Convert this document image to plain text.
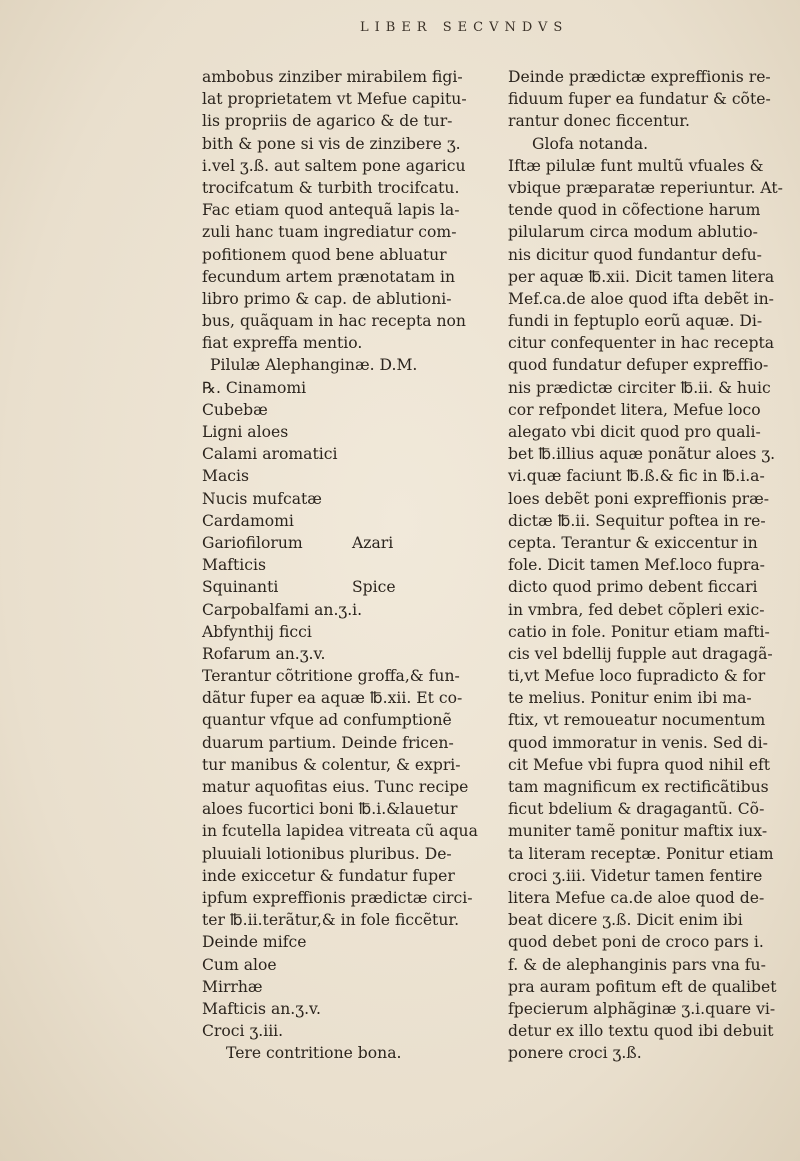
LIBER SECVNDVS
ambobus zinziber mirabilem figi-
lat proprietatem vt Mefue capitu-
lis propriis de agarico & de tur-
bith & pone si vis de zinzibere ʒ.
i.vel ʒ.ß. aut saltem pone agaricu
trocifcatum & turbith trocifcatu.
Fac etiam quod antequã lapis la-
zuli hanc tuam ingrediatur com-
pofitionem quod bene abluatur
fecundum artem prænotatam in
libro primo & cap. de ablutioni-
bus, quãquam in hac recepta non
fiat expreffa mentio.
Pilulæ Alephanginæ. D.M.
℞. Cinamomi
Cubebæ
Ligni aloes
Calami aromatici
Macis
Nucis mufcatæ
Cardamomi
Gariofilorum	Azari
Mafticis
Squinanti	Spice
Carpobalfami an.ʒ.i.
Abfynthij ficci
Rofarum an.ʒ.v.
Terantur cõtritione groffa,& fun-
dãtur fuper ea aquæ ℔.xii. Et co-
quantur vfque ad confumptionẽ
duarum partium. Deinde fricen-
tur manibus & colentur, & expri-
matur aquofitas eius. Tunc recipe
aloes fucortici boni ℔.i.&lauetur
in fcutella lapidea vitreata cũ aqua
pluuiali lotionibus pluribus. De-
inde exiccetur & fundatur fuper
ipfum expreffionis prædictæ circi-
ter ℔.ii.terãtur,& in fole ficcẽtur.
Deinde mifce
Cum aloe
Mirrhæ
Mafticis an.ʒ.v.
Croci ʒ.iii.
Tere contritione bona.
Deinde prædictæ expreffionis re-
fiduum fuper ea fundatur & cõte-
rantur donec ficcentur.
Glofa notanda.
Iftæ pilulæ funt multũ vfuales &
vbique præparatæ reperiuntur. At-
tende quod in cõfectione harum
pilularum circa modum ablutio-
nis dicitur quod fundantur defu-
per aquæ ℔.xii. Dicit tamen litera
Mef.ca.de aloe quod ifta debẽt in-
fundi in feptuplo eorũ aquæ. Di-
citur confequenter in hac recepta
quod fundatur defuper expreffio-
nis prædictæ circiter ℔.ii. & huic
cor refpondet litera, Mefue loco
alegato vbi dicit quod pro quali-
bet ℔.illius aquæ ponãtur aloes ʒ.
vi.quæ faciunt ℔.ß.& fic in ℔.i.a-
loes debẽt poni expreffionis præ-
dictæ ℔.ii. Sequitur poftea in re-
cepta. Terantur & exiccentur in
fole. Dicit tamen Mef.loco fupra-
dicto quod primo debent ficcari
in vmbra, fed debet cõpleri exic-
catio in fole. Ponitur etiam mafti-
cis vel bdellij fupple aut dragagã-
ti,vt Mefue loco fupradicto & for
te melius. Ponitur enim ibi ma-
ftix, vt remoueatur nocumentum
quod immoratur in venis. Sed di-
cit Mefue vbi fupra quod nihil eft
tam magnificum ex rectificãtibus
ficut bdelium & dragagantũ. Cõ-
muniter tamẽ ponitur maftix iux-
ta literam receptæ. Ponitur etiam
croci ʒ.iii. Videtur tamen fentire
litera Mefue ca.de aloe quod de-
beat dicere ʒ.ß. Dicit enim ibi
quod debet poni de croco pars i.
f. & de alephanginis pars vna fu-
pra auram pofitum eft de qualibet
fpecierum alphãginæ ʒ.i.quare vi-
detur ex illo textu quod ibi debuit
ponere croci ʒ.ß.
